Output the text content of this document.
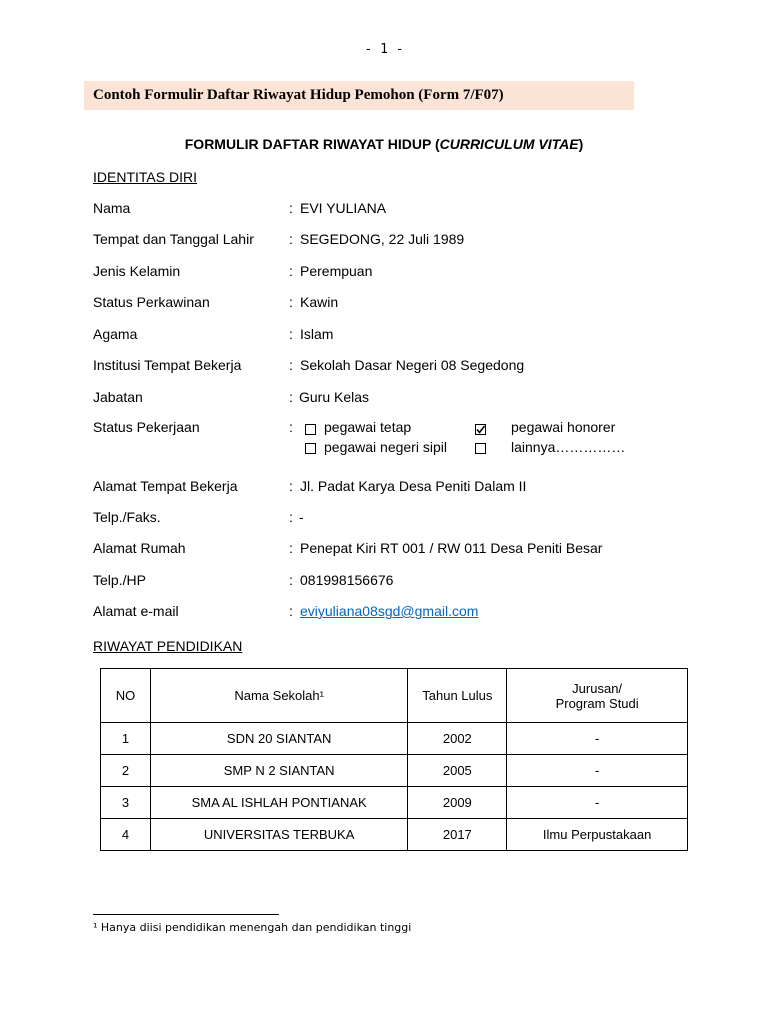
- 1 -
Contoh Formulir Daftar Riwayat Hidup Pemohon (Form 7/F07)
FORMULIR DAFTAR RIWAYAT HIDUP (CURRICULUM VITAE)
IDENTITAS DIRI
Nama	: EVI YULIANA
Tempat dan Tanggal Lahir	: SEGEDONG, 22 Juli 1989
Jenis Kelamin	: Perempuan
Status Perkawinan	: Kawin
Agama	: Islam
Institusi Tempat Bekerja	: Sekolah Dasar Negeri 08 Segedong
Jabatan	: Guru Kelas
Status Pekerjaan	: pegawai tetap	pegawai honorer
pegawai negeri sipil	lainnya……………
Alamat Tempat Bekerja	: Jl. Padat Karya Desa Peniti Dalam II
Telp./Faks.	: -
Alamat Rumah	: Penepat Kiri RT 001 / RW 011 Desa Peniti Besar
Telp./HP	: 081998156676
Alamat e-mail	: eviyuliana08sgd@gmail.com
RIWAYAT PENDIDIKAN
NO	Nama Sekolah¹	Tahun Lulus	Jurusan/
Program Studi
1	SDN 20 SIANTAN	2002	-
2	SMP N 2 SIANTAN	2005	-
3	SMA AL ISHLAH PONTIANAK	2009	-
4	UNIVERSITAS TERBUKA	2017	Ilmu Perpustakaan
¹ Hanya diisi pendidikan menengah dan pendidikan tinggi
